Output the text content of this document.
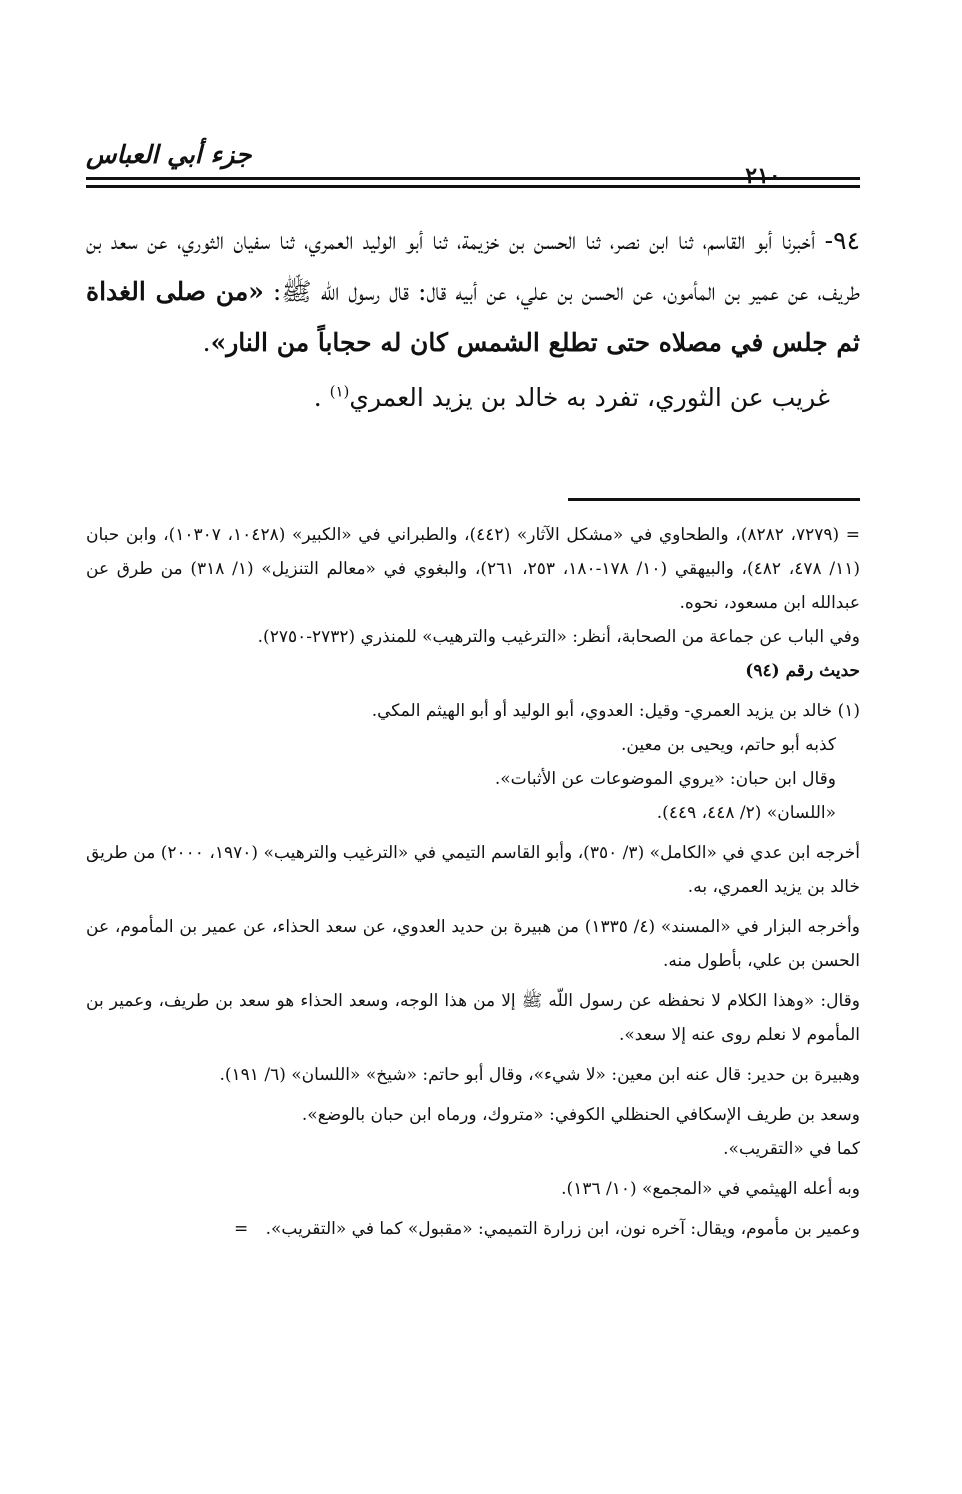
جزء أبي العباس
٢١٠

٩٤- أخبرنا أبو القاسم، ثنا ابن نصر، ثنا الحسن بن خزيمة، ثنا أبو الوليد العمري، ثنا سفيان الثوري، عن سعد بن طريف، عن عمير بن المأمون، عن الحسن بن علي، عن أبيه قال: قال رسول اللّه ﷺ: «من صلى الغداة ثم جلس في مصلاه حتى تطلع الشمس كان له حجاباً من النار».

غريب عن الثوري، تفرد به خالد بن يزيد العمري$^{(١)}$ .

= (٧٢٧٩، ٨٢٨٢)، والطحاوي في «مشكل الآثار» (٤٤٢)، والطبراني في «الكبير» (١٠٤٢٨، ١٠٣٠٧)، وابن حبان (١١/ ٤٧٨، ٤٨٢)، والبيهقي (١٠/ ١٧٨-١٨٠، ٢٥٣، ٢٦١)، والبغوي في «معالم التنزيل» (١/ ٣١٨) من طرق عن عبدالله ابن مسعود، نحوه.

وفي الباب عن جماعة من الصحابة، أنظر: «الترغيب والترهيب» للمنذري (٢٧٣٢-٢٧٥٠).

حديث رقم (٩٤)

(١) خالد بن يزيد العمري- وقيل: العدوي، أبو الوليد أو أبو الهيثم المكي.

كذبه أبو حاتم، ويحيى بن معين.

وقال ابن حبان: «يروي الموضوعات عن الأثبات».

«اللسان» (٢/ ٤٤٨، ٤٤٩).

أخرجه ابن عدي في «الكامل» (٣/ ٣٥٠)، وأبو القاسم التيمي في «الترغيب والترهيب» (١٩٧٠، ٢٠٠٠) من طريق خالد بن يزيد العمري، به.

وأخرجه البزار في «المسند» (٤/ ١٣٣٥) من هبيرة بن حديد العدوي، عن سعد الحذاء، عن عمير بن المأموم، عن الحسن بن علي، بأطول منه.

وقال: «وهذا الكلام لا نحفظه عن رسول اللّه ﷺ إلا من هذا الوجه، وسعد الحذاء هو سعد بن طريف، وعمير بن المأموم لا نعلم روى عنه إلا سعد».

وهبيرة بن حدير: قال عنه ابن معين: «لا شيء»، وقال أبو حاتم: «شيخ» «اللسان» (٦/ ١٩١).

وسعد بن طريف الإسكافي الحنظلي الكوفي: «متروك، ورماه ابن حبان بالوضع».

كما في «التقريب».

وبه أعله الهيثمي في «المجمع» (١٠/ ١٣٦).

وعمير بن مأموم، ويقال: آخره نون، ابن زرارة التميمي: «مقبول» كما في «التقريب». =
